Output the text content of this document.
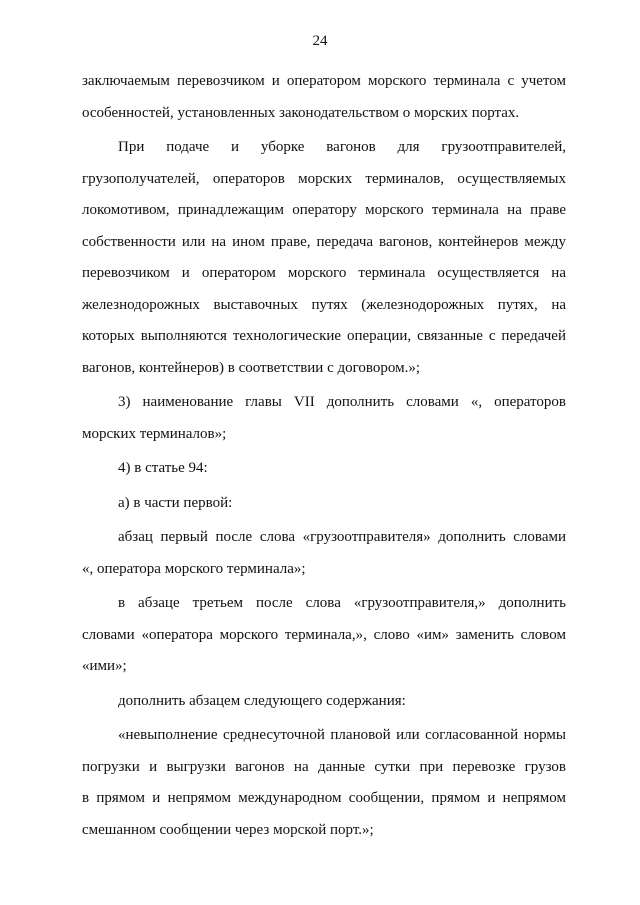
24
заключаемым перевозчиком и оператором морского терминала с учетом
особенностей, установленных законодательством о морских портах.
При подаче и уборке вагонов для грузоотправителей,
грузополучателей, операторов морских терминалов, осуществляемых
локомотивом, принадлежащим оператору морского терминала на праве
собственности или на ином праве, передача вагонов, контейнеров между
перевозчиком и оператором морского терминала осуществляется на
железнодорожных выставочных путях (железнодорожных путях, на
которых выполняются технологические операции, связанные с передачей
вагонов, контейнеров) в соответствии с договором.»;
3) наименование главы VII дополнить словами «, операторов
морских терминалов»;
4) в статье 94:
а) в части первой:
абзац первый после слова «грузоотправителя» дополнить словами
«, оператора морского терминала»;
в абзаце третьем после слова «грузоотправителя,» дополнить
словами «оператора морского терминала,», слово «им» заменить словом
«ими»;
дополнить абзацем следующего содержания:
«невыполнение среднесуточной плановой или согласованной нормы
погрузки и выгрузки вагонов на данные сутки при перевозке грузов
в прямом и непрямом международном сообщении, прямом и непрямом
смешанном сообщении через морской порт.»;
